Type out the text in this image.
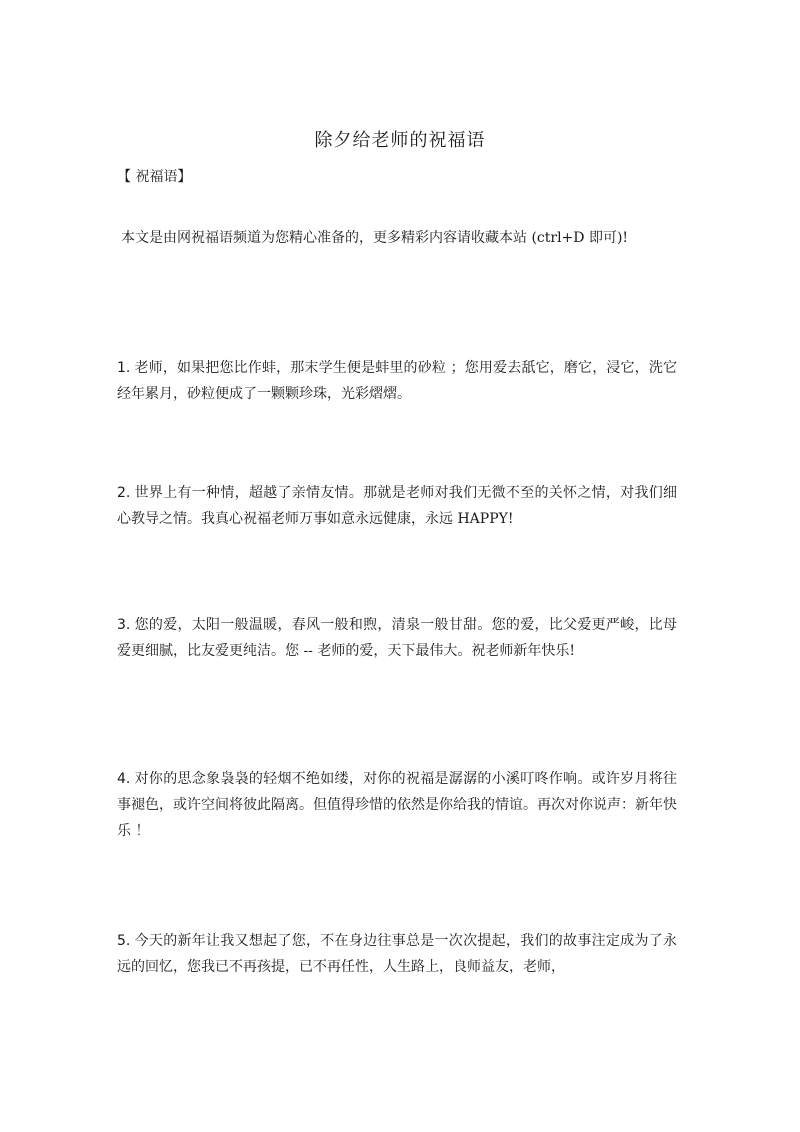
除夕给老师的祝福语
【 祝福语】
本文是由网祝福语频道为您精心准备的，更多精彩内容请收藏本站 (ctrl+D 即可)!
1. 老师，如果把您比作蚌，那末学生便是蚌里的砂粒 ；您用爱去舐它，磨它，浸它，洗它 经年累月，砂粒便成了一颗颗珍珠，光彩熠熠。
2. 世界上有一种情，超越了亲情友情。那就是老师对我们无微不至的关怀之情，对我们细心教导之情。我真心祝福老师万事如意永远健康，永远 HAPPY!
3. 您的爱，太阳一般温暖，春风一般和煦，清泉一般甘甜。您的爱，比父爱更严峻，比母爱更细腻，比友爱更纯洁。您 -- 老师的爱，天下最伟大。祝老师新年快乐!
4. 对你的思念象袅袅的轻烟不绝如缕，对你的祝福是潺潺的小溪叮咚作响。或许岁月将往事褪色，或许空间将彼此隔离。但值得珍惜的依然是你给我的情谊。再次对你说声：新年快乐 ！
5. 今天的新年让我又想起了您，不在身边往事总是一次次提起，我们的故事注定成为了永远的回忆，您我已不再孩提，已不再任性，人生路上，良师益友，老师，
